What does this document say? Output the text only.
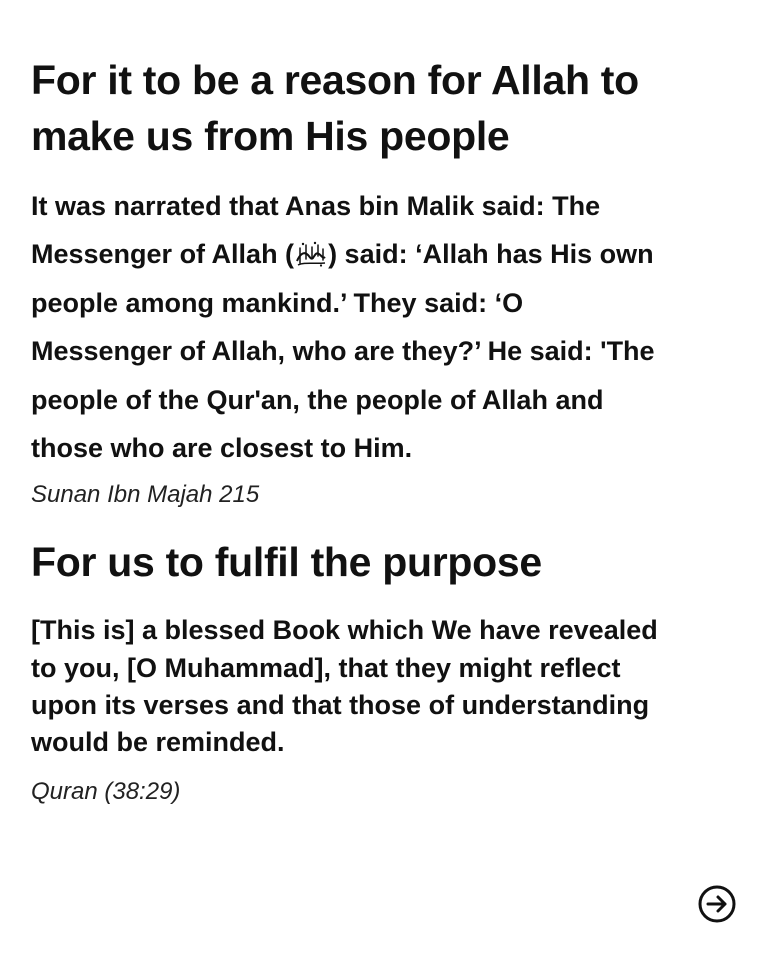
For it to be a reason for Allah to make us from His people

It was narrated that Anas bin Malik said: The Messenger of Allah ( ) said: ‘Allah has His own people among mankind.’ They said: ‘O Messenger of Allah, who are they?’ He said: 'The people of the Qur'an, the people of Allah and those who are closest to Him.

Sunan Ibn Majah 215

For us to fulfil the purpose

[This is] a blessed Book which We have revealed to you, [O Muhammad], that they might reflect upon its verses and that those of understanding would be reminded.

Quran (38:29)
